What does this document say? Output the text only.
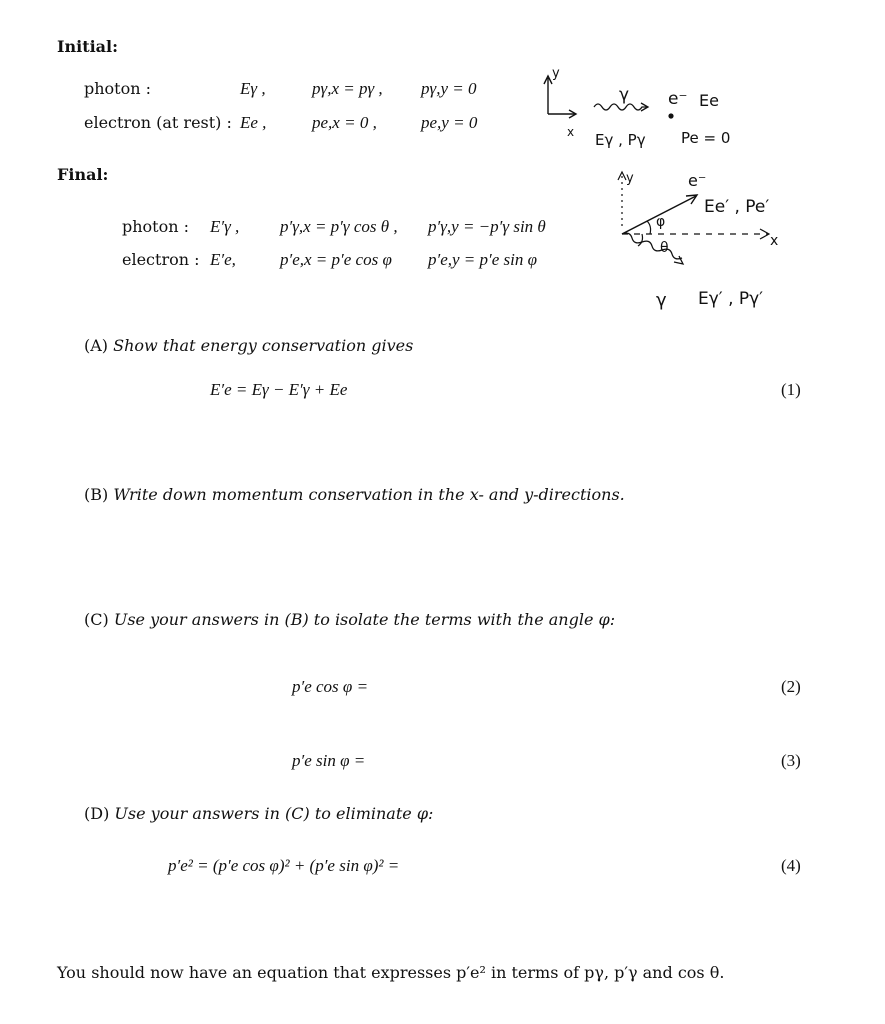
Initial:
photon :	Eγ ,	pγ,x = pγ , pγ,y = 0
electron (at rest) : Ee ,	pe,x = 0 ,	pe,y = 0
y
x
γ e⁻ Ee
Eγ , Pγ Pe = 0
Final:
photon : E′γ , p′γ,x = p′γ cos θ , p′γ,y = −p′γ sin θ
electron : E′e,	p′e,x = p′e cos φ p′e,y = p′e sin φ
y
x
e⁻
Ee′ , Pe′
φ
θ
γ Eγ′ , Pγ′
(A) Show that energy conservation gives
E′e = Eγ − E′γ + Ee	(1)
(B) Write down momentum conservation in the x- and y-directions.
(C) Use your answers in (B) to isolate the terms with the angle φ:
p′e cos φ =	(2)
p′e sin φ =	(3)
(D) Use your answers in (C) to eliminate φ:
p′e² = (p′e cos φ)² + (p′e sin φ)² =	(4)
You should now have an equation that expresses p′e² in terms of pγ, p′γ and cos θ.
